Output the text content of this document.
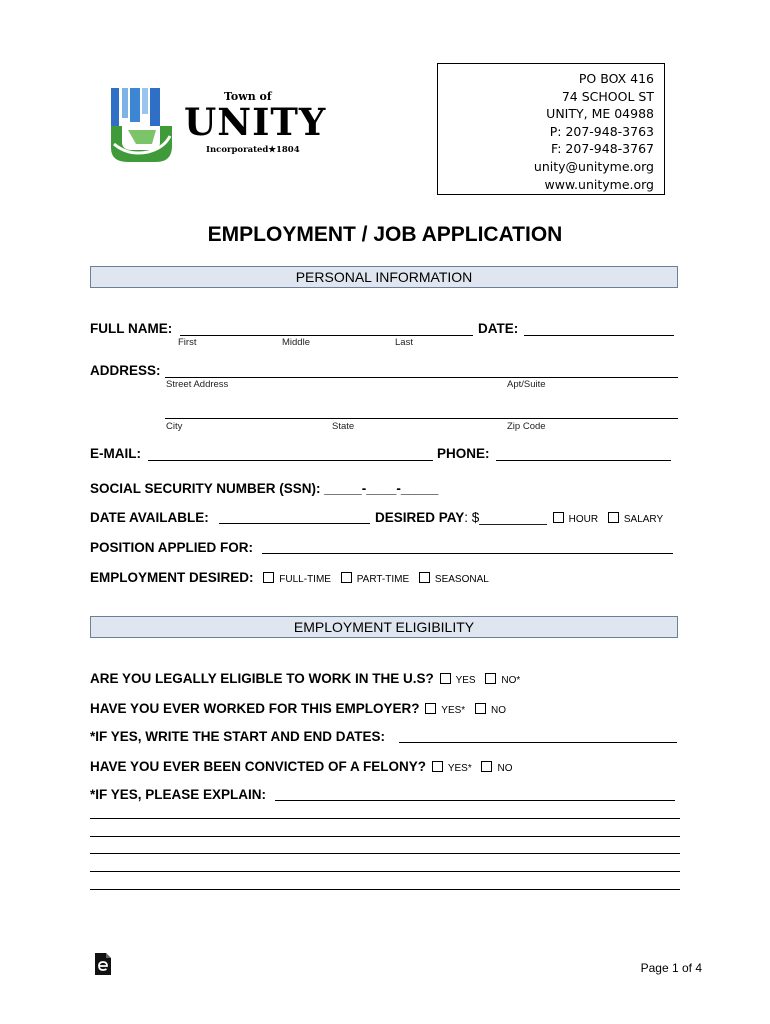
Town of
UNITY
Incorporated★1804
PO BOX 416
74 SCHOOL ST
UNITY, ME 04988
P: 207-948-3763
F: 207-948-3767
unity@unityme.org
www.unityme.org
EMPLOYMENT / JOB APPLICATION
PERSONAL INFORMATION
FULL NAME:
First	Middle	Last
DATE:
ADDRESS:
Street Address	Apt/Suite
City	State	Zip Code
E-MAIL:	PHONE:
SOCIAL SECURITY NUMBER (SSN): _____-____-_____
DATE AVAILABLE:	DESIRED PAY: $_________ HOUR	SALARY
POSITION APPLIED FOR:
EMPLOYMENT DESIRED:	FULL-TIME	PART-TIME	SEASONAL
EMPLOYMENT ELIGIBILITY
ARE YOU LEGALLY ELIGIBLE TO WORK IN THE U.S? YES	NO*
HAVE YOU EVER WORKED FOR THIS EMPLOYER? YES*	NO
*IF YES, WRITE THE START AND END DATES:
HAVE YOU EVER BEEN CONVICTED OF A FELONY? YES*	NO
*IF YES, PLEASE EXPLAIN:
Page 1 of 4
